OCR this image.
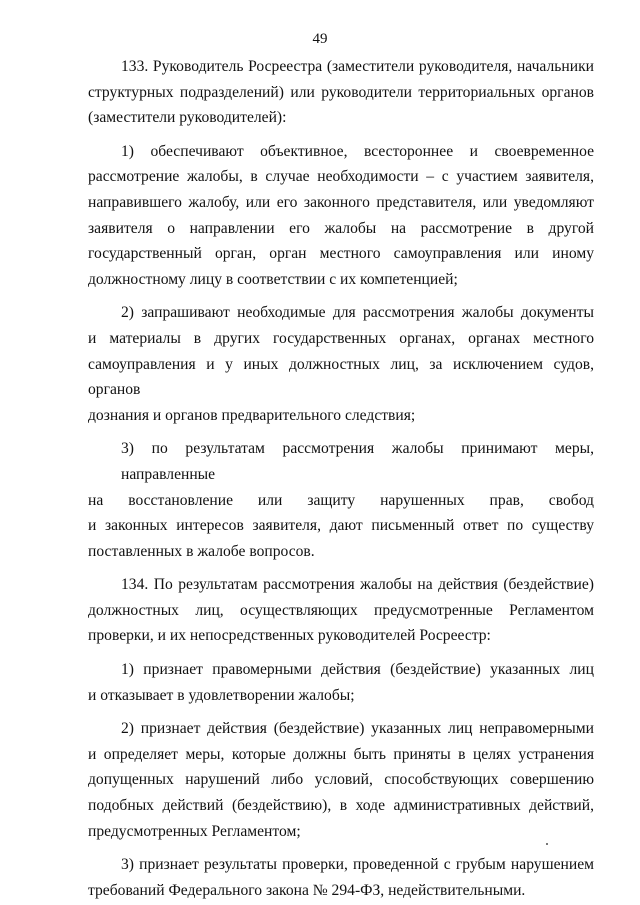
49
133. Руководитель Росреестра (заместители руководителя, начальники
структурных подразделений) или руководители территориальных органов
(заместители руководителей):
1) обеспечивают объективное, всестороннее и своевременное
рассмотрение жалобы, в случае необходимости – с участием заявителя,
направившего жалобу, или его законного представителя, или уведомляют
заявителя о направлении его жалобы на рассмотрение в другой
государственный орган, орган местного самоуправления или иному
должностному лицу в соответствии с их компетенцией;
2) запрашивают необходимые для рассмотрения жалобы документы
и материалы в других государственных органах, органах местного
самоуправления и у иных должностных лиц, за исключением судов, органов
дознания и органов предварительного следствия;
3) по результатам рассмотрения жалобы принимают меры, направленные
на восстановление или защиту нарушенных прав, свобод
и законных интересов заявителя, дают письменный ответ по существу
поставленных в жалобе вопросов.
134. По результатам рассмотрения жалобы на действия (бездействие)
должностных лиц, осуществляющих предусмотренные Регламентом
проверки, и их непосредственных руководителей Росреестр:
1) признает правомерными действия (бездействие) указанных лиц
и отказывает в удовлетворении жалобы;
2) признает действия (бездействие) указанных лиц неправомерными
и определяет меры, которые должны быть приняты в целях устранения
допущенных нарушений либо условий, способствующих совершению
подобных действий (бездействию), в ходе административных действий,
предусмотренных Регламентом;
3) признает результаты проверки, проведенной с грубым нарушением
требований Федерального закона № 294-ФЗ, недействительными.
